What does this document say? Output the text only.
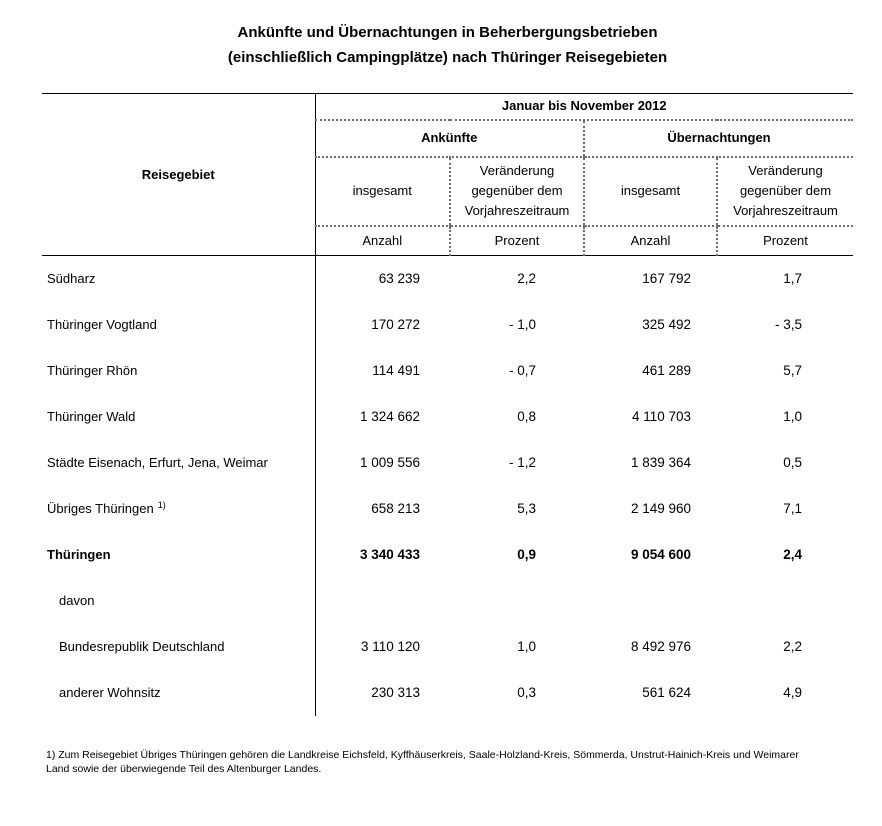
Ankünfte und Übernachtungen in Beherbergungsbetrieben
(einschließlich Campingplätze) nach Thüringer Reisegebieten
Reisegebiet	Januar bis November 2012			
	Ankünfte		Übernachtungen	
	insgesamt	Veränderung gegenüber dem Vorjahreszeitraum	insgesamt	Veränderung gegenüber dem Vorjahreszeitraum
	Anzahl	Prozent	Anzahl	Prozent
Südharz	63 239	2,2	167 792	1,7
Thüringer Vogtland	170 272	- 1,0	325 492	- 3,5
Thüringer Rhön	114 491	- 0,7	461 289	5,7
Thüringer Wald	1 324 662	0,8	4 110 703	1,0
Städte Eisenach, Erfurt, Jena, Weimar	1 009 556	- 1,2	1 839 364	0,5
Übriges Thüringen $^{1)}$	658 213	5,3	2 149 960	7,1
Thüringen	3 340 433	0,9	9 054 600	2,4
davon				
Bundesrepublik Deutschland	3 110 120	1,0	8 492 976	2,2
anderer Wohnsitz	230 313	0,3	561 624	4,9

1) Zum Reisegebiet Übriges Thüringen gehören die Landkreise Eichsfeld, Kyffhäuserkreis, Saale-Holzland-Kreis, Sömmerda, Unstrut-Hainich-Kreis und Weimarer Land sowie der überwiegende Teil des Altenburger Landes.
